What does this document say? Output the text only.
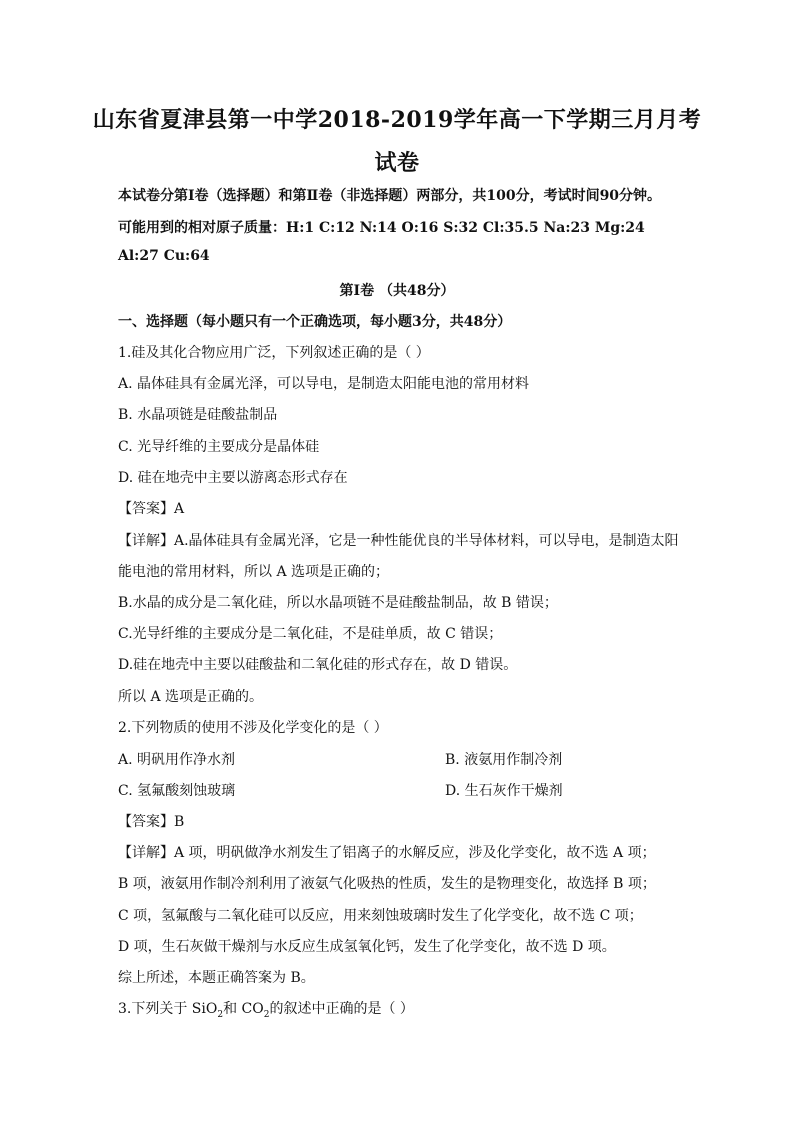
山东省夏津县第一中学2018-2019学年高一下学期三月月考
试卷
本试卷分第Ⅰ卷（选择题）和第Ⅱ卷（非选择题）两部分，共100分，考试时间90分钟。
可能用到的相对原子质量：H:1 C:12 N:14 O:16 S:32 Cl:35.5 Na:23 Mg:24
Al:27 Cu:64
第Ⅰ卷 （共48分）
一、选择题（每小题只有一个正确选项，每小题3分，共48分）
1.硅及其化合物应用广泛，下列叙述正确的是（ ）
A. 晶体硅具有金属光泽，可以导电，是制造太阳能电池的常用材料
B. 水晶项链是硅酸盐制品
C. 光导纤维的主要成分是晶体硅
D. 硅在地壳中主要以游离态形式存在
【答案】A
【详解】A.晶体硅具有金属光泽，它是一种性能优良的半导体材料，可以导电，是制造太阳
能电池的常用材料，所以 A 选项是正确的；
B.水晶的成分是二氧化硅，所以水晶项链不是硅酸盐制品，故 B 错误；
C.光导纤维的主要成分是二氧化硅，不是硅单质，故 C 错误；
D.硅在地壳中主要以硅酸盐和二氧化硅的形式存在，故 D 错误。
所以 A 选项是正确的。
2.下列物质的使用不涉及化学变化的是（ ）
A. 明矾用作净水剂	B. 液氨用作制冷剂
C. 氢氟酸刻蚀玻璃	D. 生石灰作干燥剂
【答案】B
【详解】A 项，明矾做净水剂发生了铝离子的水解反应，涉及化学变化，故不选 A 项；
B 项，液氨用作制冷剂利用了液氨气化吸热的性质，发生的是物理变化，故选择 B 项；
C 项，氢氟酸与二氧化硅可以反应，用来刻蚀玻璃时发生了化学变化，故不选 C 项；
D 项，生石灰做干燥剂与水反应生成氢氧化钙，发生了化学变化，故不选 D 项。
综上所述，本题正确答案为 B。
3.下列关于 SiO$_2$和 $CO_2$的叙述中正确的是（ ）
